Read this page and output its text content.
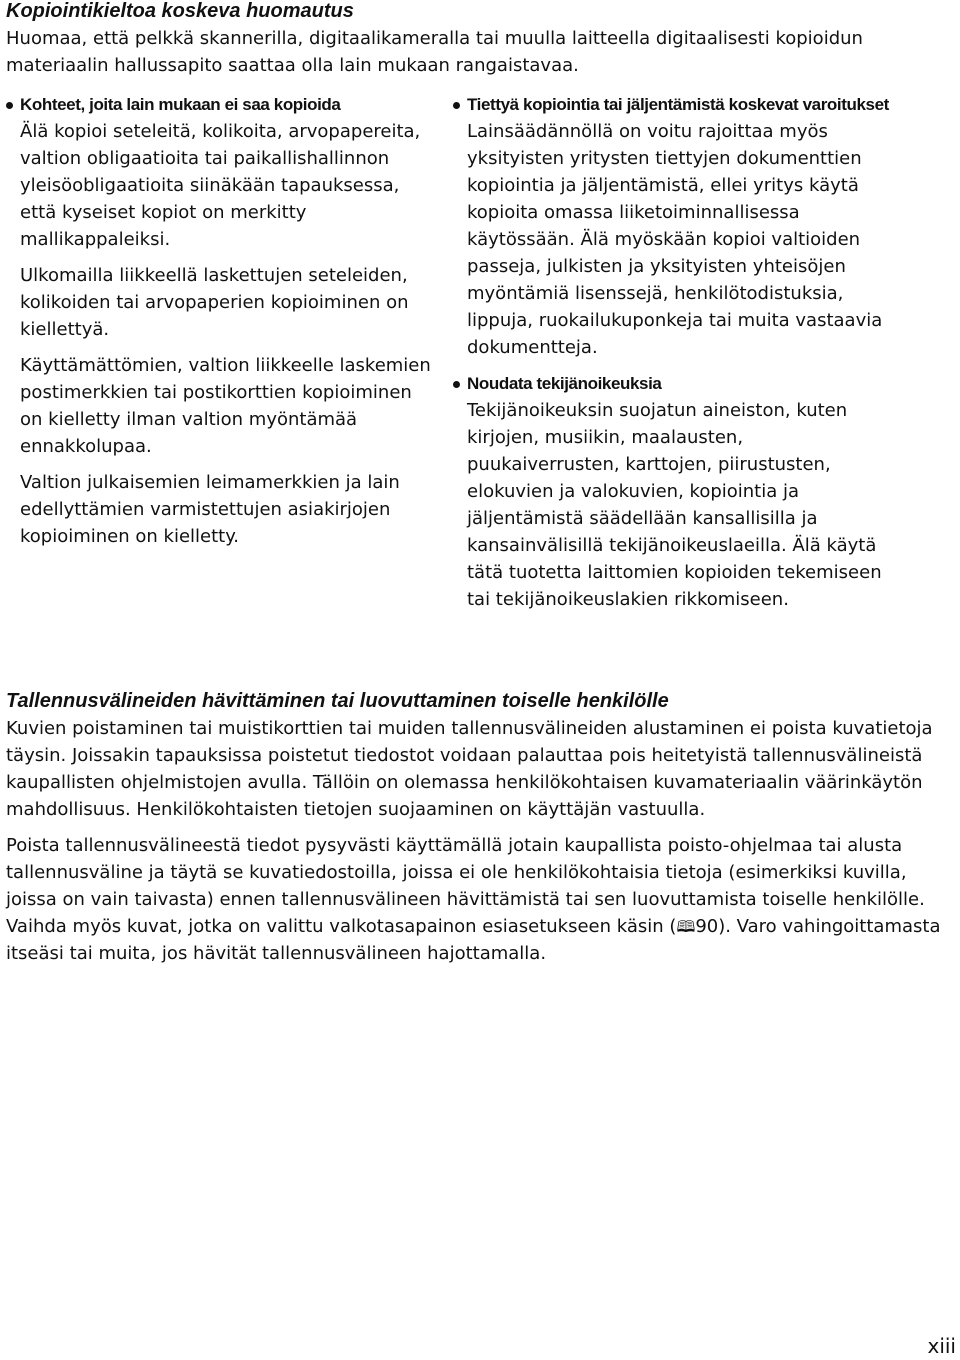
Kopiointikieltoa koskeva huomautus

Huomaa, että pelkkä skannerilla, digitaalikameralla tai muulla laitteella digitaalisesti kopioidun materiaalin hallussapito saattaa olla lain mukaan rangaistavaa.

Kohteet, joita lain mukaan ei saa kopioida

Älä kopioi seteleitä, kolikoita, arvopapereita, valtion obligaatioita tai paikallishallinnon yleisöobligaatioita siinäkään tapauksessa, että kyseiset kopiot on merkitty mallikappaleiksi.

Ulkomailla liikkeellä laskettujen seteleiden, kolikoiden tai arvopaperien kopioiminen on kiellettyä.

Käyttämättömien, valtion liikkeelle laskemien postimerkkien tai postikorttien kopioiminen on kielletty ilman valtion myöntämää ennakkolupaa.

Valtion julkaisemien leimamerkkien ja lain edellyttämien varmistettujen asiakirjojen kopioiminen on kielletty.

Tiettyä kopiointia tai jäljentämistä koskevat varoitukset

Lainsäädännöllä on voitu rajoittaa myös yksityisten yritysten tiettyjen dokumenttien kopiointia ja jäljentämistä, ellei yritys käytä kopioita omassa liiketoiminnallisessa käytössään. Älä myöskään kopioi valtioiden passeja, julkisten ja yksityisten yhteisöjen myöntämiä lisenssejä, henkilötodistuksia, lippuja, ruokailukuponkeja tai muita vastaavia dokumentteja.

Noudata tekijänoikeuksia

Tekijänoikeuksin suojatun aineiston, kuten kirjojen, musiikin, maalausten, puukaiverrusten, karttojen, piirustusten, elokuvien ja valokuvien, kopiointia ja jäljentämistä säädellään kansallisilla ja kansainvälisillä tekijänoikeuslaeilla. Älä käytä tätä tuotetta laittomien kopioiden tekemiseen tai tekijänoikeuslakien rikkomiseen.

Tallennusvälineiden hävittäminen tai luovuttaminen toiselle henkilölle

Kuvien poistaminen tai muistikorttien tai muiden tallennusvälineiden alustaminen ei poista kuvatietoja täysin. Joissakin tapauksissa poistetut tiedostot voidaan palauttaa pois heitetyistä tallennusvälineistä kaupallisten ohjelmistojen avulla. Tällöin on olemassa henkilökohtaisen kuvamateriaalin väärinkäytön mahdollisuus. Henkilökohtaisten tietojen suojaaminen on käyttäjän vastuulla.

Poista tallennusvälineestä tiedot pysyvästi käyttämällä jotain kaupallista poisto-ohjelmaa tai alusta tallennusväline ja täytä se kuvatiedostoilla, joissa ei ole henkilökohtaisia tietoja (esimerkiksi kuvilla, joissa on vain taivasta) ennen tallennusvälineen hävittämistä tai sen luovuttamista toiselle henkilölle. Vaihda myös kuvat, jotka on valittu valkotasapainon esiasetukseen käsin (🕮90). Varo vahingoittamasta itseäsi tai muita, jos hävität tallennusvälineen hajottamalla.

xiii
